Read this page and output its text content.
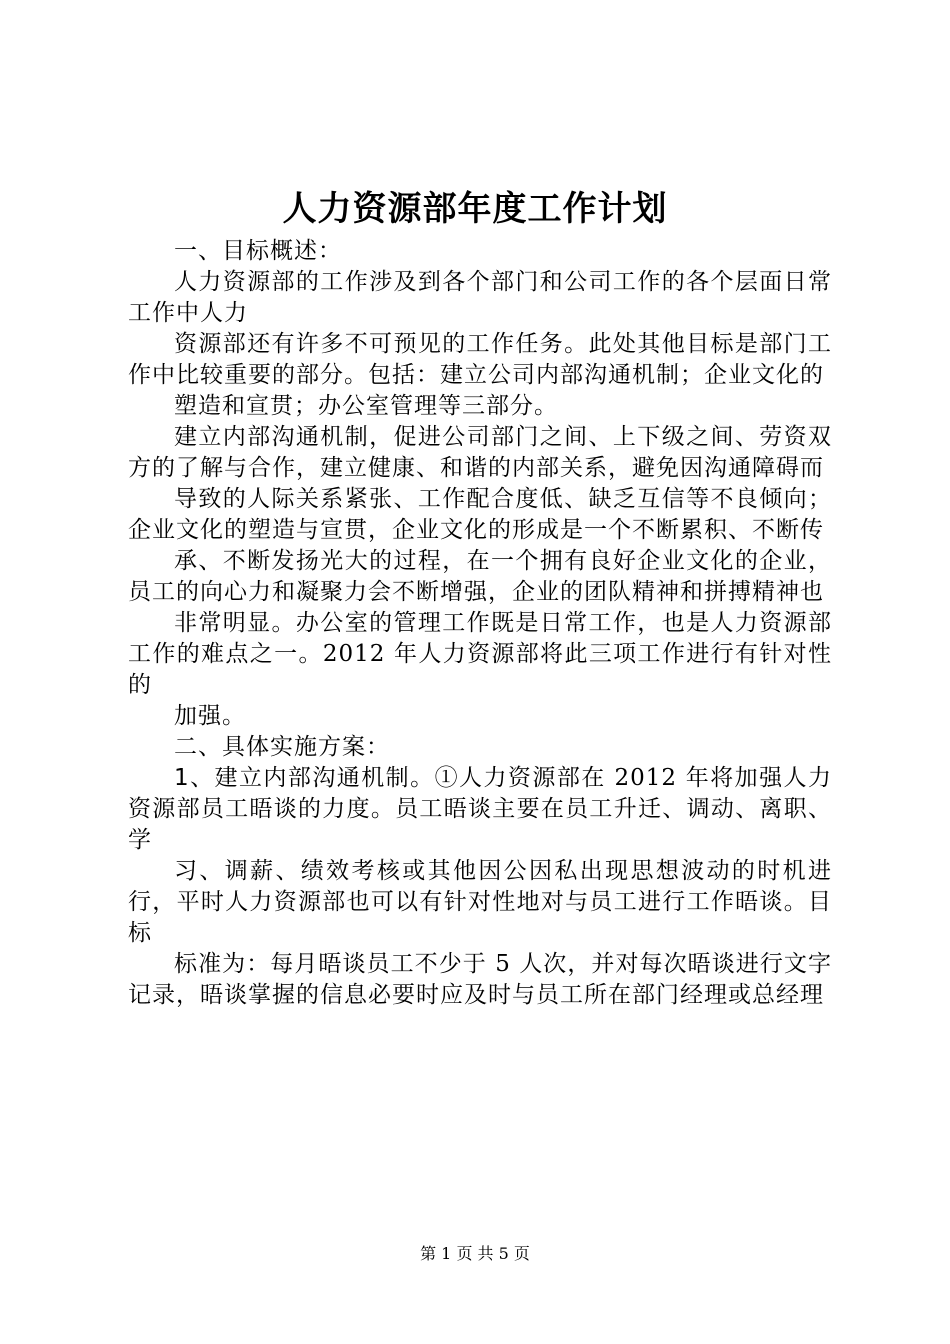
人力资源部年度工作计划

一、目标概述：

人力资源部的工作涉及到各个部门和公司工作的各个层面日常工作中人力

资源部还有许多不可预见的工作任务。此处其他目标是部门工作中比较重要的部分。包括：建立公司内部沟通机制；企业文化的

塑造和宣贯；办公室管理等三部分。

建立内部沟通机制，促进公司部门之间、上下级之间、劳资双方的了解与合作，建立健康、和谐的内部关系，避免因沟通障碍而

导致的人际关系紧张、工作配合度低、缺乏互信等不良倾向；企业文化的塑造与宣贯，企业文化的形成是一个不断累积、不断传

承、不断发扬光大的过程，在一个拥有良好企业文化的企业，员工的向心力和凝聚力会不断增强，企业的团队精神和拼搏精神也

非常明显。办公室的管理工作既是日常工作，也是人力资源部工作的难点之一。2012 年人力资源部将此三项工作进行有针对性的

加强。

二、具体实施方案：

1、建立内部沟通机制。①人力资源部在 2012 年将加强人力资源部员工晤谈的力度。员工晤谈主要在员工升迁、调动、离职、学

习、调薪、绩效考核或其他因公因私出现思想波动的时机进行，平时人力资源部也可以有针对性地对与员工进行工作晤谈。目标

标准为：每月晤谈员工不少于 5 人次，并对每次晤谈进行文字记录，晤谈掌握的信息必要时应及时与员工所在部门经理或总经理

第 1 页 共 5 页
